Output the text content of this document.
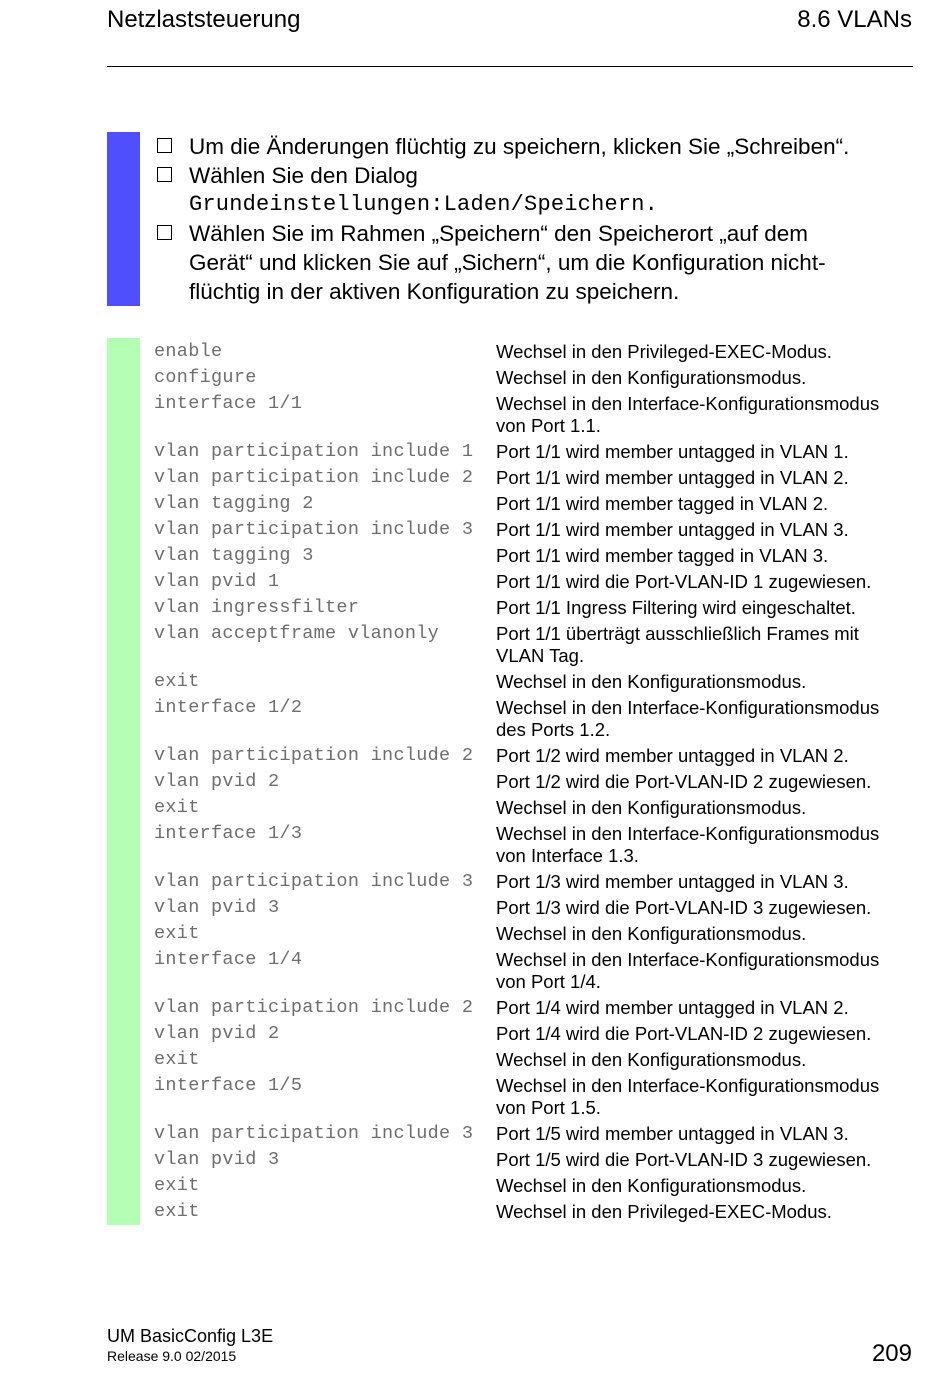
Netzlaststeuerung	8.6 VLANs
Um die Änderungen flüchtig zu speichern, klicken Sie „Schreiben“.
Wählen Sie den Dialog
Grundeinstellungen:Laden/Speichern.
Wählen Sie im Rahmen „Speichern“ den Speicherort „auf dem
Gerät“ und klicken Sie auf „Sichern“, um die Konfiguration nicht-
flüchtig in der aktiven Konfiguration zu speichern.
enable	Wechsel in den Privileged-EXEC-Modus.
configure	Wechsel in den Konfigurationsmodus.
interface 1/1	Wechsel in den Interface-Konfigurationsmodus
von Port 1.1.
vlan participation include 1	Port 1/1 wird member untagged in VLAN 1.
vlan participation include 2	Port 1/1 wird member untagged in VLAN 2.
vlan tagging 2	Port 1/1 wird member tagged in VLAN 2.
vlan participation include 3	Port 1/1 wird member untagged in VLAN 3.
vlan tagging 3	Port 1/1 wird member tagged in VLAN 3.
vlan pvid 1	Port 1/1 wird die Port-VLAN-ID 1 zugewiesen.
vlan ingressfilter	Port 1/1 Ingress Filtering wird eingeschaltet.
vlan acceptframe vlanonly	Port 1/1 überträgt ausschließlich Frames mit
VLAN Tag.
exit	Wechsel in den Konfigurationsmodus.
interface 1/2	Wechsel in den Interface-Konfigurationsmodus
des Ports 1.2.
vlan participation include 2	Port 1/2 wird member untagged in VLAN 2.
vlan pvid 2	Port 1/2 wird die Port-VLAN-ID 2 zugewiesen.
exit	Wechsel in den Konfigurationsmodus.
interface 1/3	Wechsel in den Interface-Konfigurationsmodus
von Interface 1.3.
vlan participation include 3	Port 1/3 wird member untagged in VLAN 3.
vlan pvid 3	Port 1/3 wird die Port-VLAN-ID 3 zugewiesen.
exit	Wechsel in den Konfigurationsmodus.
interface 1/4	Wechsel in den Interface-Konfigurationsmodus
von Port 1/4.
vlan participation include 2	Port 1/4 wird member untagged in VLAN 2.
vlan pvid 2	Port 1/4 wird die Port-VLAN-ID 2 zugewiesen.
exit	Wechsel in den Konfigurationsmodus.
interface 1/5	Wechsel in den Interface-Konfigurationsmodus
von Port 1.5.
vlan participation include 3	Port 1/5 wird member untagged in VLAN 3.
vlan pvid 3	Port 1/5 wird die Port-VLAN-ID 3 zugewiesen.
exit	Wechsel in den Konfigurationsmodus.
exit	Wechsel in den Privileged-EXEC-Modus.
UM BasicConfig L3E
Release 9.0 02/2015	209
